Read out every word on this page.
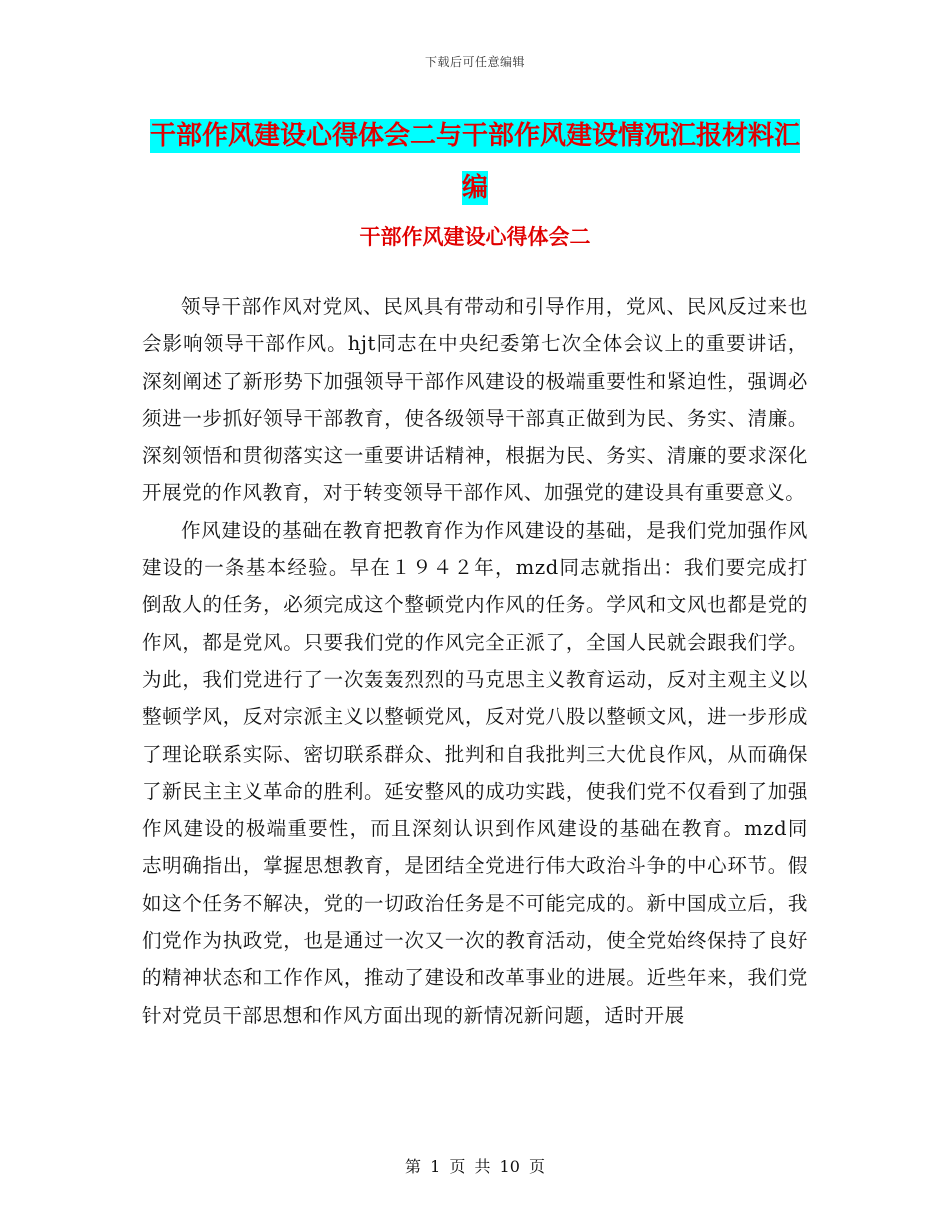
下载后可任意编辑
干部作风建设心得体会二与干部作风建设情况汇报材料汇编
干部作风建设心得体会二

领导干部作风对党风、民风具有带动和引导作用，党风、民风反过来也会影响领导干部作风。hjt同志在中央纪委第七次全体会议上的重要讲话，深刻阐述了新形势下加强领导干部作风建设的极端重要性和紧迫性，强调必须进一步抓好领导干部教育，使各级领导干部真正做到为民、务实、清廉。深刻领悟和贯彻落实这一重要讲话精神，根据为民、务实、清廉的要求深化开展党的作风教育，对于转变领导干部作风、加强党的建设具有重要意义。

作风建设的基础在教育把教育作为作风建设的基础，是我们党加强作风建设的一条基本经验。早在１９４２年，mzd同志就指出：我们要完成打倒敌人的任务，必须完成这个整顿党内作风的任务。学风和文风也都是党的作风，都是党风。只要我们党的作风完全正派了，全国人民就会跟我们学。为此，我们党进行了一次轰轰烈烈的马克思主义教育运动，反对主观主义以整顿学风，反对宗派主义以整顿党风，反对党八股以整顿文风，进一步形成了理论联系实际、密切联系群众、批判和自我批判三大优良作风，从而确保了新民主主义革命的胜利。延安整风的成功实践，使我们党不仅看到了加强作风建设的极端重要性，而且深刻认识到作风建设的基础在教育。mzd同志明确指出，掌握思想教育，是团结全党进行伟大政治斗争的中心环节。假如这个任务不解决，党的一切政治任务是不可能完成的。新中国成立后，我们党作为执政党，也是通过一次又一次的教育活动，使全党始终保持了良好的精神状态和工作作风，推动了建设和改革事业的进展。近些年来，我们党针对党员干部思想和作风方面出现的新情况新问题，适时开展

第 1 页 共 10 页
